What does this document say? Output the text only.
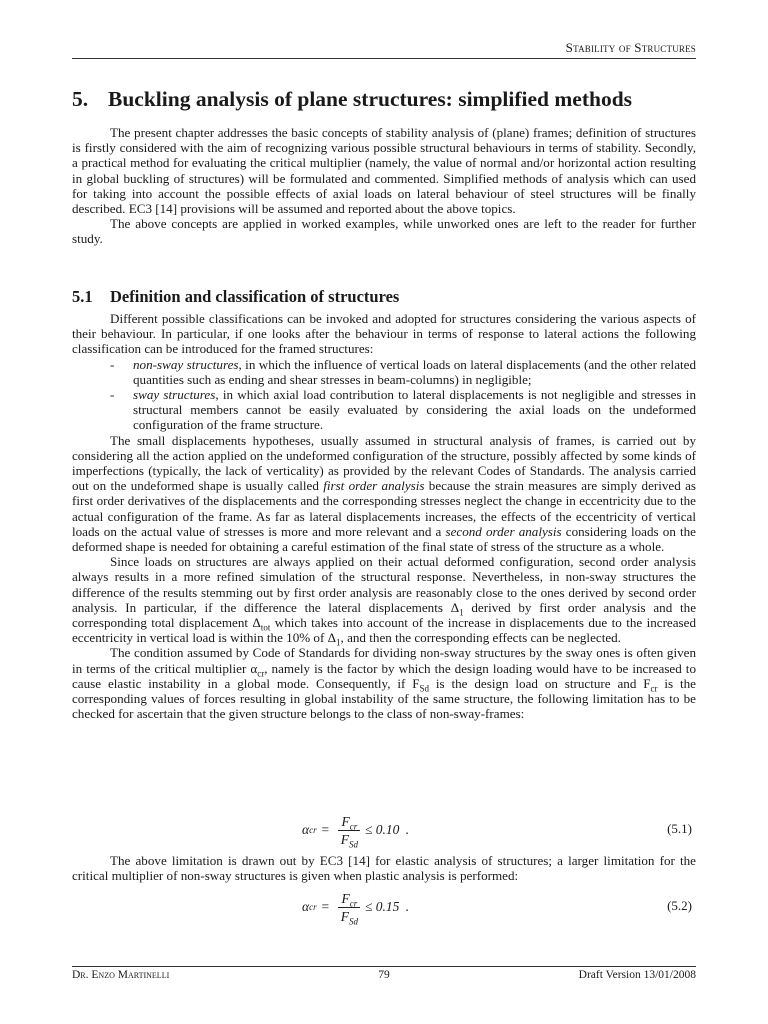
Stability of Structures
5. Buckling analysis of plane structures: simplified methods

The present chapter addresses the basic concepts of stability analysis of (plane) frames; definition of structures is firstly considered with the aim of recognizing various possible structural behaviours in terms of stability. Secondly, a practical method for evaluating the critical multiplier (namely, the value of normal and/or horizontal action resulting in global buckling of structures) will be formulated and commented. Simplified methods of analysis which can used for taking into account the possible effects of axial loads on lateral behaviour of steel structures will be finally described. EC3 [14] provisions will be assumed and reported about the above topics.

The above concepts are applied in worked examples, while unworked ones are left to the reader for further study.

5.1 Definition and classification of structures

Different possible classifications can be invoked and adopted for structures considering the various aspects of their behaviour. In particular, if one looks after the behaviour in terms of response to lateral actions the following classification can be introduced for the framed structures:

- non-sway structures, in which the influence of vertical loads on lateral displacements (and the other related quantities such as ending and shear stresses in beam-columns) in negligible;
- sway structures, in which axial load contribution to lateral displacements is not negligible and stresses in structural members cannot be easily evaluated by considering the axial loads on the undeformed configuration of the frame structure.

The small displacements hypotheses, usually assumed in structural analysis of frames, is carried out by considering all the action applied on the undeformed configuration of the structure, possibly affected by some kinds of imperfections (typically, the lack of verticality) as provided by the relevant Codes of Standards. The analysis carried out on the undeformed shape is usually called first order analysis because the strain measures are simply derived as first order derivatives of the displacements and the corresponding stresses neglect the change in eccentricity due to the actual configuration of the frame. As far as lateral displacements increases, the effects of the eccentricity of vertical loads on the actual value of stresses is more and more relevant and a second order analysis considering loads on the deformed shape is needed for obtaining a careful estimation of the final state of stress of the structure as a whole.

Since loads on structures are always applied on their actual deformed configuration, second order analysis always results in a more refined simulation of the structural response. Nevertheless, in non-sway structures the difference of the results stemming out by first order analysis are reasonably close to the ones derived by second order analysis. In particular, if the difference the lateral displacements $\Delta_1$ derived by first order analysis and the corresponding total displacement $\Delta_{tot}$ which takes into account of the increase in displacements due to the increased eccentricity in vertical load is within the 10% of $\Delta_1$, and then the corresponding effects can be neglected.

The condition assumed by Code of Standards for dividing non-sway structures by the sway ones is often given in terms of the critical multiplier $\alpha_{cr}$, namely is the factor by which the design loading would have to be increased to cause elastic instability in a global mode. Consequently, if $F_{Sd}$ is the design load on structure and $F_{cr}$ is the corresponding values of forces resulting in global instability of the same structure, the following limitation has to be checked for ascertain that the given structure belongs to the class of non-sway-frames:

α cr = $\frac{F_{cr}}{F_{Sd}} \le 0.10$ .	(5.1)

The above limitation is drawn out by EC3 [14] for elastic analysis of structures; a larger limitation for the critical multiplier of non-sway structures is given when plastic analysis is performed:

α cr = $\frac{F_{cr}}{F_{Sd}} \le 0.15$ .	(5.2)
Dr. Enzo Martinelli	79	Draft Version 13/01/2008
